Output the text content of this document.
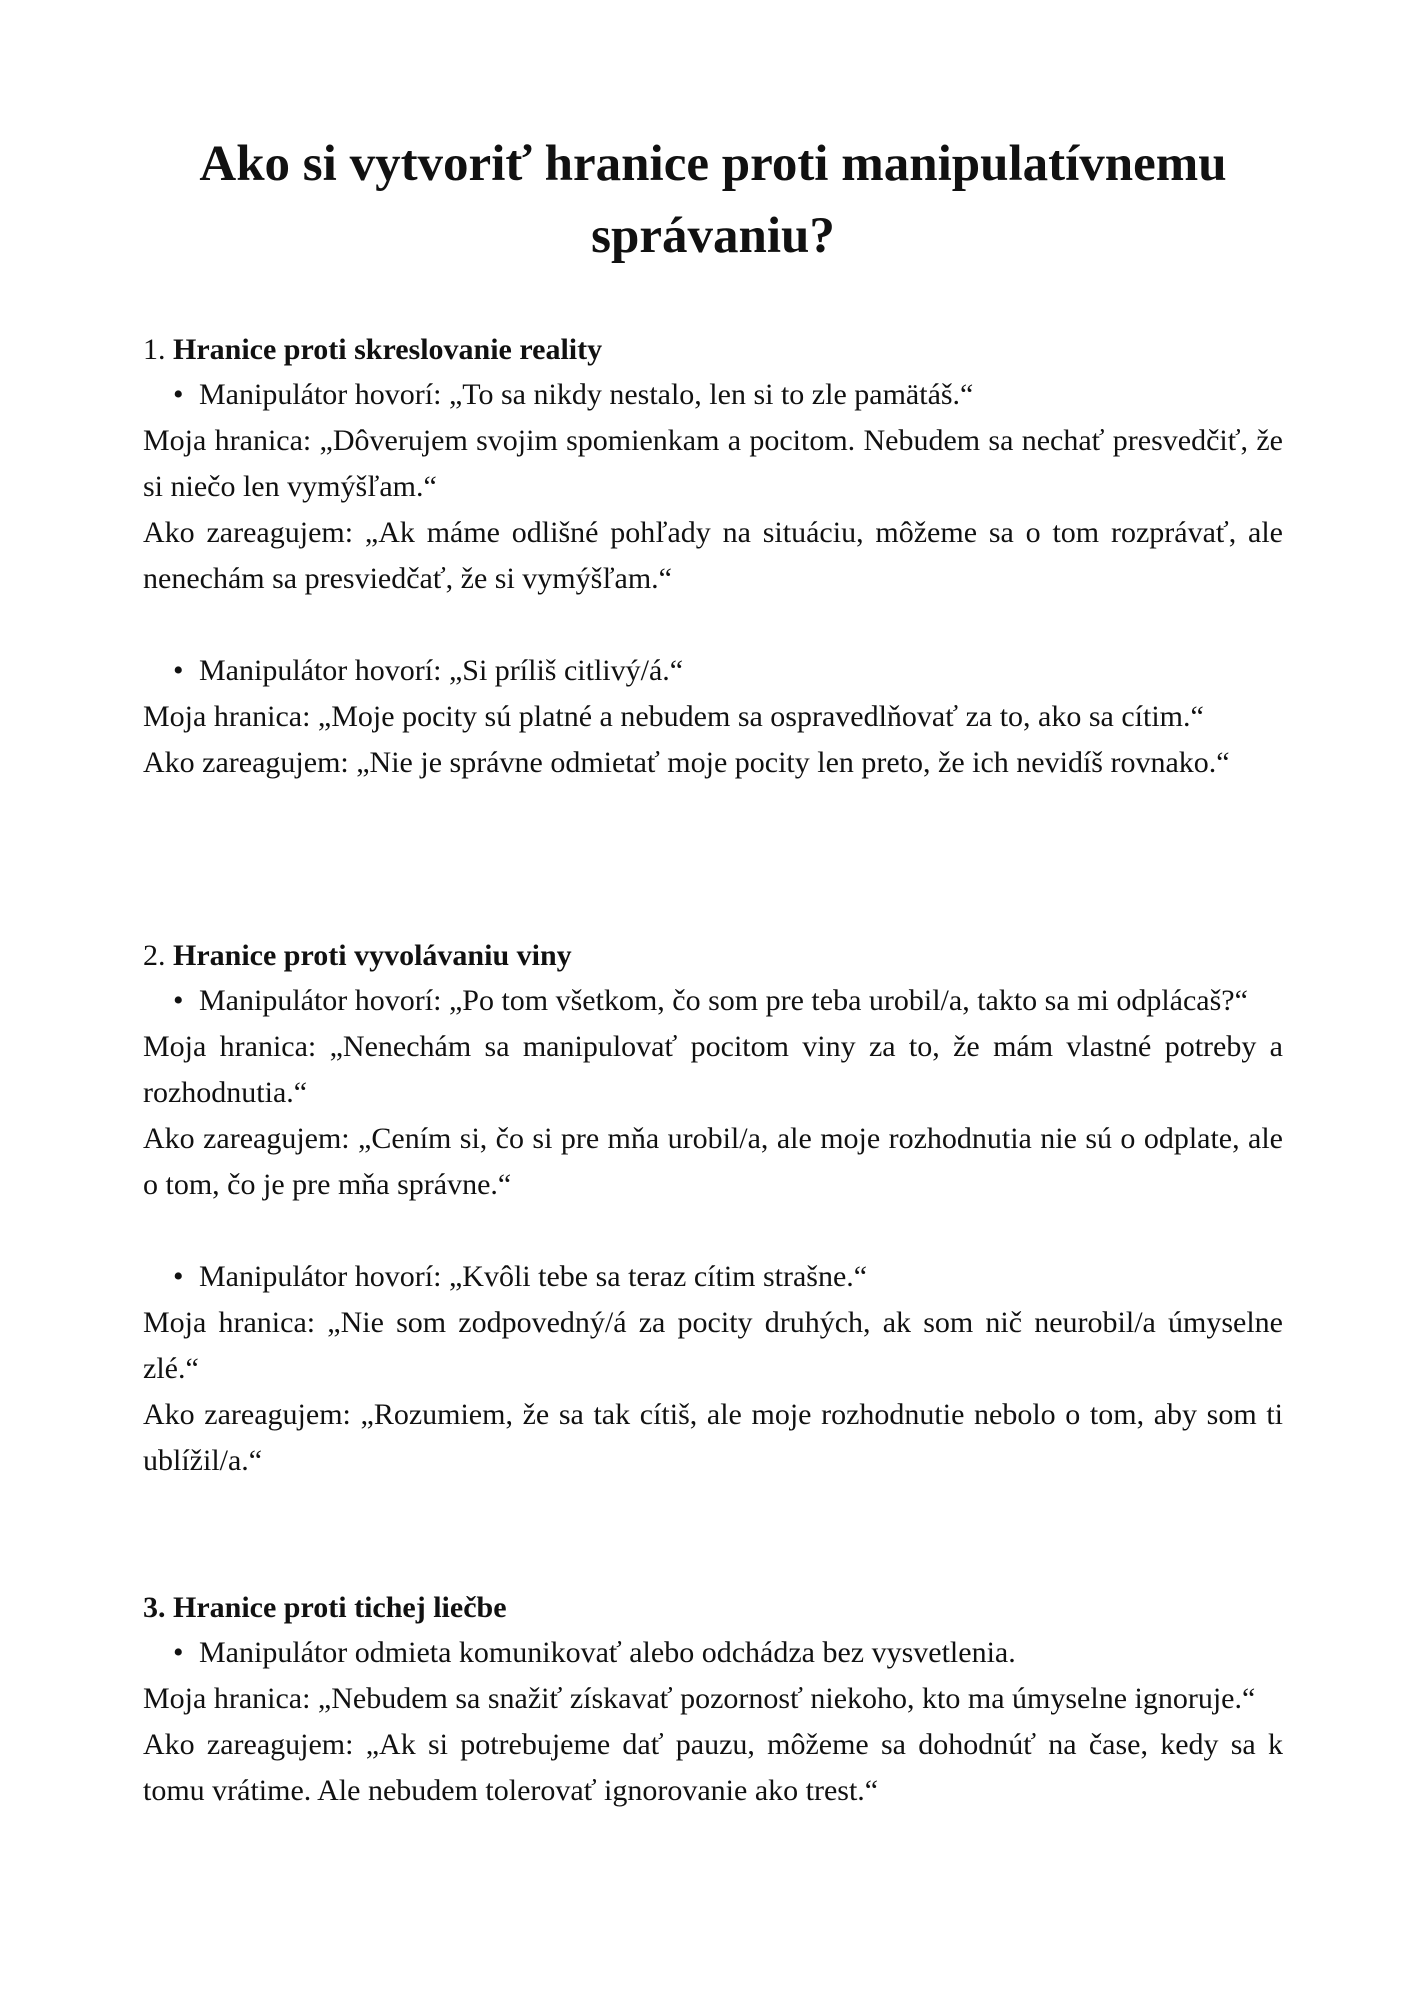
Ako si vytvoriť hranice proti manipulatívnemu správaniu?

1. Hranice proti skreslovanie reality

• Manipulátor hovorí: „To sa nikdy nestalo, len si to zle pamätáš.“
Moja hranica: „Dôverujem svojim spomienkam a pocitom. Nebudem sa nechať presvedčiť, že si niečo len vymýšľam.“
Ako zareagujem: „Ak máme odlišné pohľady na situáciu, môžeme sa o tom rozprávať, ale nenechám sa presviedčať, že si vymýšľam.“
• Manipulátor hovorí: „Si príliš citlivý/á.“
Moja hranica: „Moje pocity sú platné a nebudem sa ospravedlňovať za to, ako sa cítim.“
Ako zareagujem: „Nie je správne odmietať moje pocity len preto, že ich nevidíš rovnako.“

2. Hranice proti vyvolávaniu viny

• Manipulátor hovorí: „Po tom všetkom, čo som pre teba urobil/a, takto sa mi odplácaš?“
Moja hranica: „Nenechám sa manipulovať pocitom viny za to, že mám vlastné potreby a rozhodnutia.“
Ako zareagujem: „Cením si, čo si pre mňa urobil/a, ale moje rozhodnutia nie sú o odplate, ale o tom, čo je pre mňa správne.“
• Manipulátor hovorí: „Kvôli tebe sa teraz cítim strašne.“
Moja hranica: „Nie som zodpovedný/á za pocity druhých, ak som nič neurobil/a úmyselne zlé.“
Ako zareagujem: „Rozumiem, že sa tak cítiš, ale moje rozhodnutie nebolo o tom, aby som ti ublížil/a.“

3. Hranice proti tichej liečbe

• Manipulátor odmieta komunikovať alebo odchádza bez vysvetlenia.
Moja hranica: „Nebudem sa snažiť získavať pozornosť niekoho, kto ma úmyselne ignoruje.“
Ako zareagujem: „Ak si potrebujeme dať pauzu, môžeme sa dohodnúť na čase, kedy sa k tomu vrátime. Ale nebudem tolerovať ignorovanie ako trest.“
